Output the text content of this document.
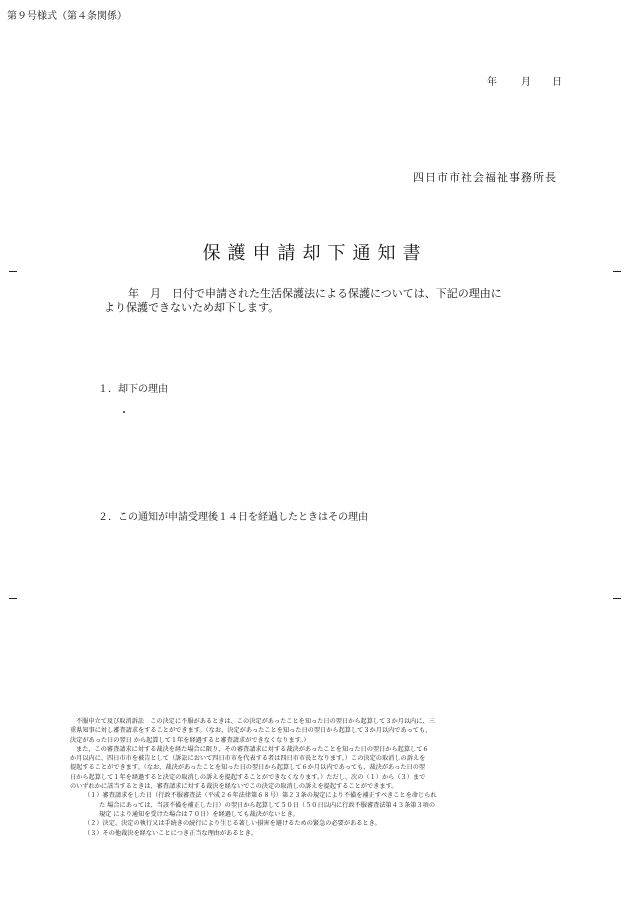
第９号様式（第４条関係）
年 月 日
四日市市社会福祉事務所長
保護申請却下通知書
年　月　日付で申請された生活保護法による保護については、下記の理由に
より保護できないため却下します。
１．却下の理由
・
２．この通知が申請受理後１４日を経過したときはその理由
不服申立て及び取消訴訟　この決定に不服があるときは、この決定があったことを知った日の翌日から起算して３か月以内に、三
重県知事に対し審査請求をすることができます。（なお、決定があったことを知った日の翌日から起算して３か月以内であっても、
決定があった日の翌日 から起算して１年を経過すると審査請求ができなくなります。）
また、この審査請求に対する裁決を経た場合に限り、その審査請求に対する裁決があったことを知った日の翌日から起算して６
か月以内に、四日市市を被告として（訴訟において四日市市を代表する者は四日市市長となります。）この決定の取消しの訴えを
提起することができます。（なお、裁決があったことを知った日の翌日から起算して６か月以内であっても、裁決があった日の翌
日から起算して１年を経過すると決定の取消しの訴えを提起することができなくなります。）ただし、次の（１）から（３）まで
のいずれかに該当するときは、審査請求に対する裁決を経ないでこの決定の取消しの訴えを提起することができます。
（１）審査請求をした日（行政不服審査法（平成２６年法律第６８号）第２３条の規定により不備を補正すべきことを命じられ
た 場合にあっては、当該不備を補正した日）の翌日から起算して５０日（５０日以内に行政不服審査法第４３条第３項の
規定 により通知を受けた場合は７０日）を経過しても裁決がないとき。
（２）決定、決定の執行又は手続きの続行により生じる著しい損害を避けるための緊急の必要があるとき。
（３）その他裁決を経ないことにつき正当な理由があるとき。
